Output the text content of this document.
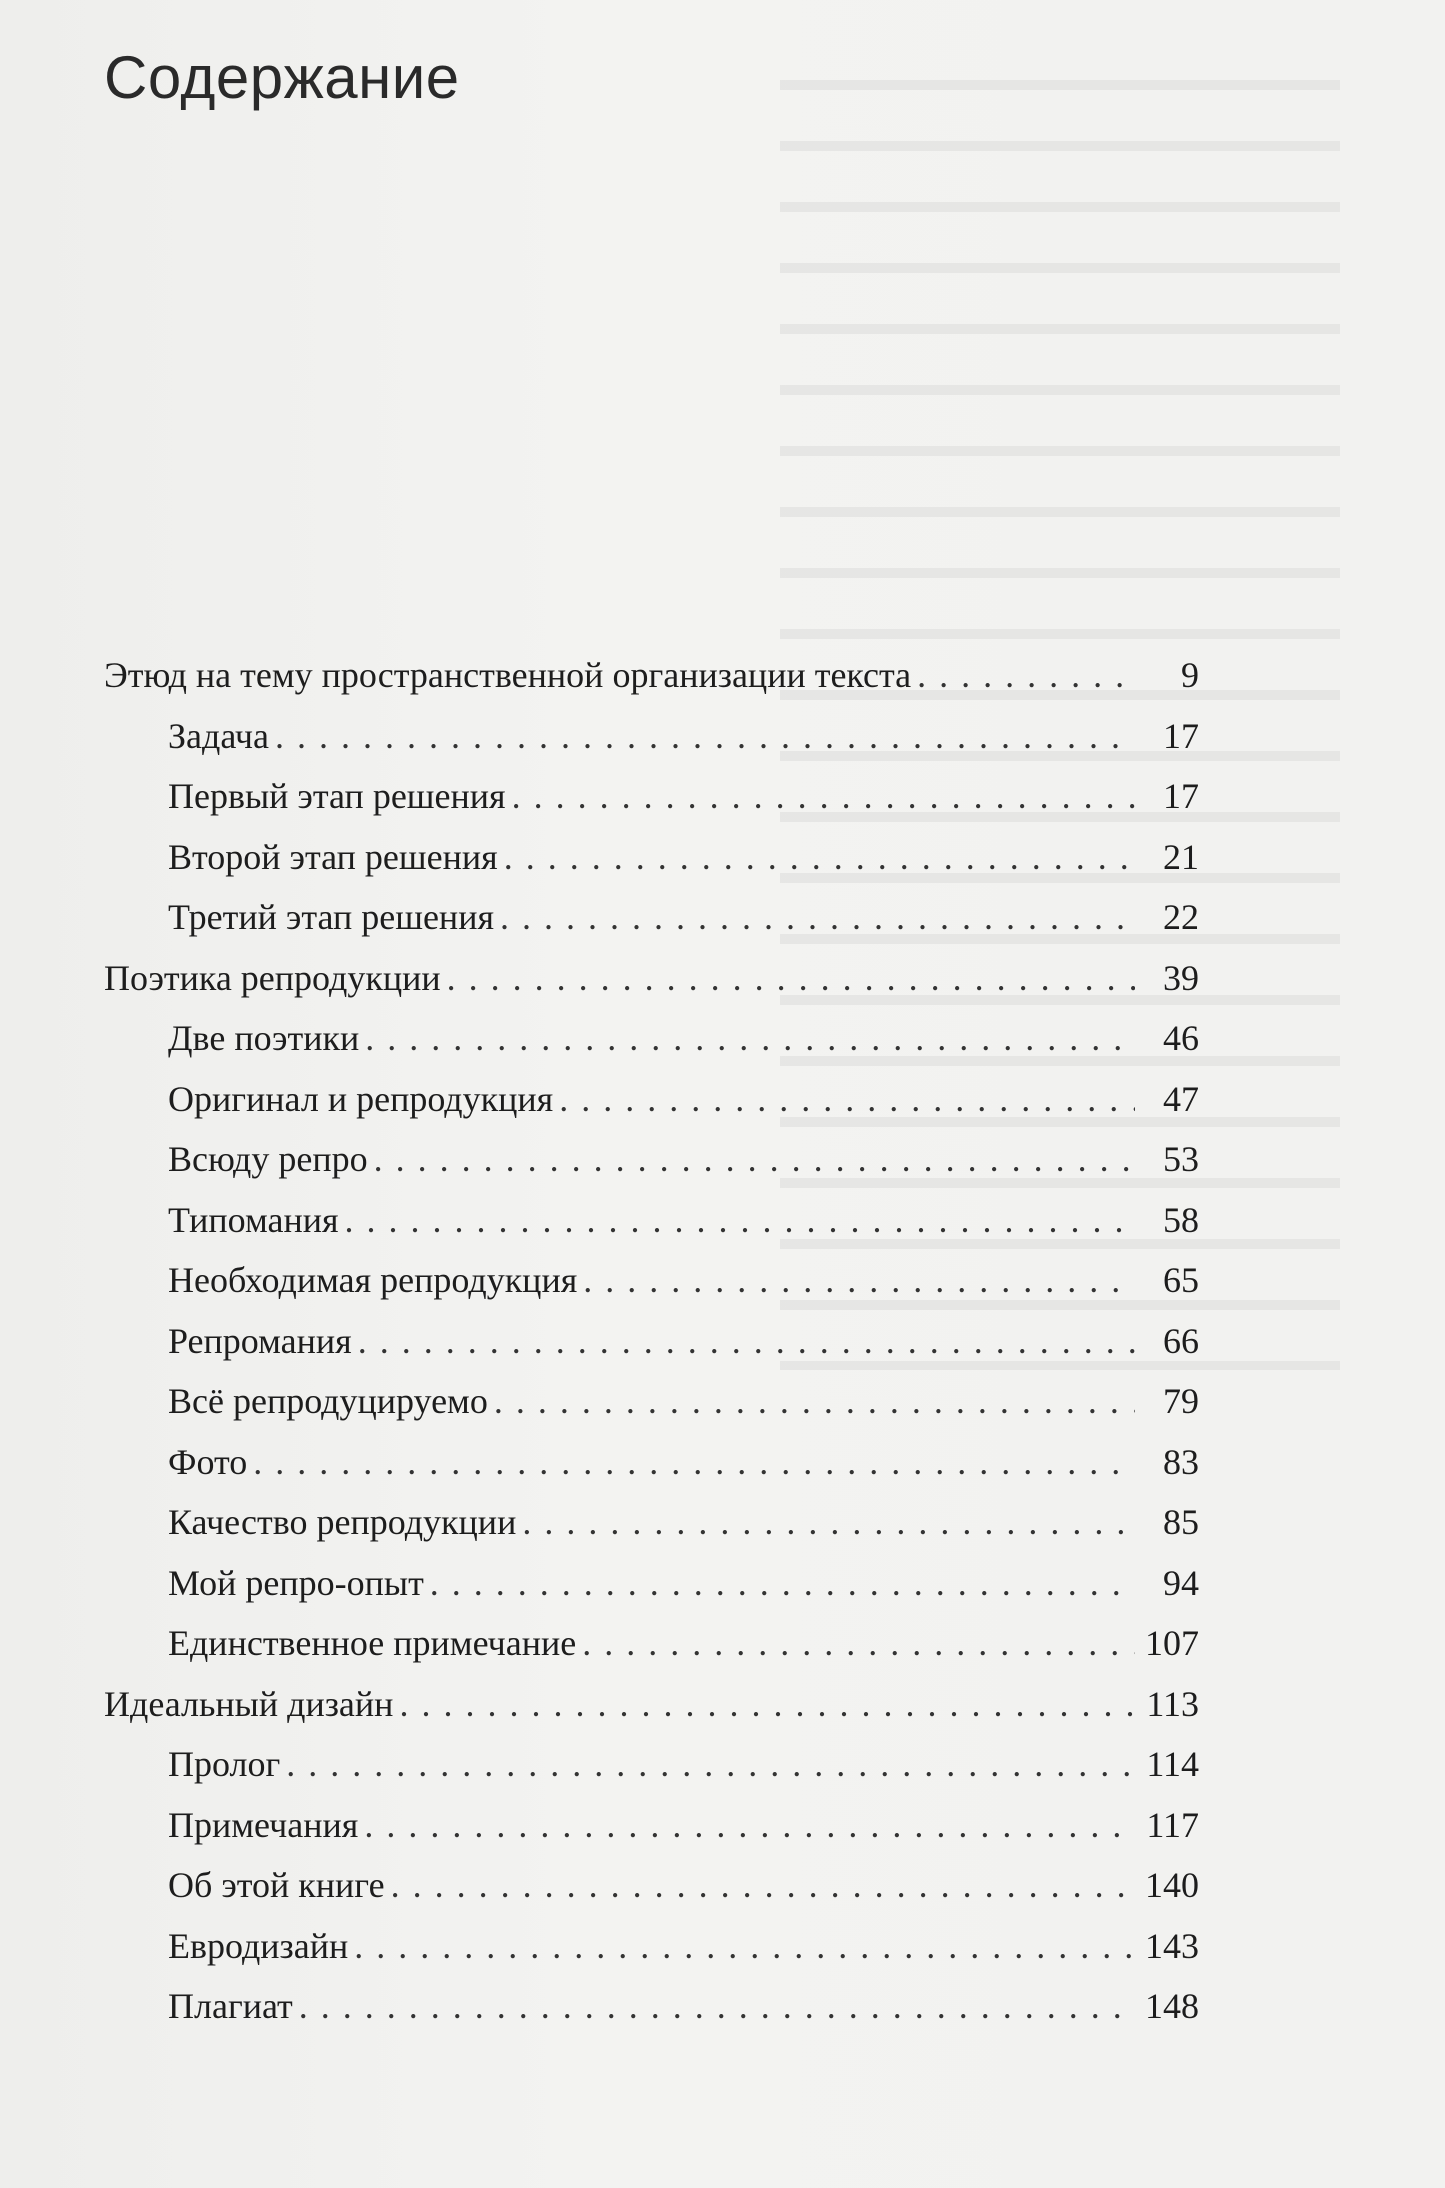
Содержание
Этюд на тему пространственной организации текста . . .	9
Задача . . .	17
Первый этап решения . . .	17
Второй этап решения . . .	21
Третий этап решения . . .	22
Поэтика репродукции . . .	39
Две поэтики . . .	46
Оригинал и репродукция . . .	47
Всюду репро . . .	53
Типомания . . .	58
Необходимая репродукция . . .	65
Репромания . . .	66
Всё репродуцируемо . . .	79
Фото . . .	83
Качество репродукции . . .	85
Мой репро-опыт . . .	94
Единственное примечание . . .	107
Идеальный дизайн . . .	113
Пролог . . .	114
Примечания . . .	117
Об этой книге . . .	140
Евродизайн . . .	143
Плагиат . . .	148
